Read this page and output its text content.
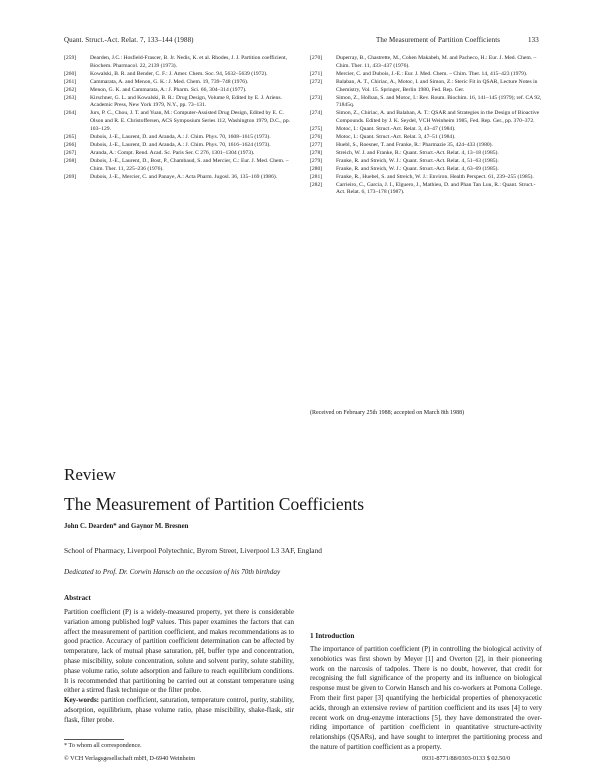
Quant. Struct.-Act. Relat. 7, 133–144 (1988)	The Measurement of Partition Coefficients	133
[259]	Dearden, J.C.: Hosfield-Frascer, B. Jr. Nedis, K. et al. Rhodes, J. J. Partition coefficient, Biochem. Pharmacol. 22, 2139 (1973).
[260]	Kowalski, B. R. and Bender, C. F.: J. Amer. Chem. Soc. 94, 5632–5639 (1972).
[261]	Cammarata, A. and Menon, G. K.: J. Med. Chem. 19, 739–748 (1976).
[262]	Menon, G. K. and Cammarata, A.: J. Pharm. Sci. 66, 304–314 (1977).
[263]	Kirschner, G. L. and Kowalski, B. R.: Drug Design, Volume 8, Edited by E. J. Ariens. Academic Press, New York 1979, N.Y., pp. 73–131.
[264]	Jurs, P. C., Chou, J. T. and Yuan, M.: Computer-Assisted Drug Design, Edited by E. C. Olson and R. E. Christoffersen, ACS Symposium Series 112, Washington 1979, D.C., pp. 103–129.
[265]	Dubois, J.-E., Laurent, D. and Aranda, A.: J. Chim. Phys. 70, 1608–1615 (1973).
[266]	Dubois, J.-E., Laurent, D. and Aranda, A.: J. Chim. Phys. 70, 1616–1624 (1973).
[267]	Aranda, A.: Compt. Rend. Acad. Sc. Paris Ser. C 276, 1301–1304 (1973).
[268]	Dubois, J.-E., Laurent, D., Bost, P., Chambaud, S. and Mercier, C.: Eur. J. Med. Chem. – Chim. Ther. 11, 225–236 (1976).
[269]	Dubois, J.-E., Mercier, C. and Panaye, A.: Acta Pharm. Jugosl. 36, 135–169 (1986).
[270]	Duperray, B., Chastrette, M., Cohen Makabeh, M. and Pacheco, H.: Eur. J. Med. Chem. – Chim. Ther. 11, 433–437 (1976).
[271]	Mercier, C. and Dubois, J.-E.: Eur. J. Med. Chem. – Chim. Ther. 14, 415–423 (1979).
[272]	Balaban, A. T., Chiriac, A., Motoc, I. and Simon, Z.: Steric Fit in QSAR, Lecture Notes in Chemistry, Vol. 15. Springer, Berlin 1980, Fed. Rep. Ger.
[273]	Simon, Z., Holban, S. and Motoc, I.: Rev. Roum. Biochim. 16, 141–145 (1979); ref. CA 92, 71845q.
[274]	Simon, Z., Chiriac, A. and Balaban, A. T.: QSAR and Strategies in the Design of Bioactive Compounds. Edited by J. K. Seydel, VCH Weinheim 1985, Fed. Rep. Ger., pp. 370–372.
[275]	Motoc, I.: Quant. Struct.-Act. Relat. 3, 43–47 (1984).
[276]	Motoc, I.: Quant. Struct.-Act. Relat. 3, 47–51 (1984).
[277]	Huebl, S., Roesner, T. and Franke, R.: Pharmazie 35, 424–433 (1980).
[278]	Streich, W. J. and Franke, R.: Quant. Struct.-Act. Relat. 4, 13–18 (1985).
[279]	Franke, R. and Streich, W. J.: Quant. Struct.-Act. Relat. 4, 51–63 (1985).
[280]	Franke, R. and Streich, W. J.: Quant. Struct.-Act. Relat. 4, 63–69 (1985).
[281]	Franke, R., Huebel, S. and Streich, W. J.: Environ. Health Perspect. 61, 239–255 (1985).
[282]	Carrieiro, C., Garcia, J. I., Elguero, J., Mathieu, D. and Phan Tan Luu, R.: Quant. Struct.-Act. Relat. 6, 173–178 (1987).
(Received on February 25th 1988; accepted on March 8th 1988)
Review
The Measurement of Partition Coefficients
John C. Dearden* and Gaynor M. Bresnen
School of Pharmacy, Liverpool Polytechnic, Byrom Street, Liverpool L3 3AF, England
Dedicated to Prof. Dr. Corwin Hansch on the occasion of his 70th birthday
Abstract
Partition coefficient (P) is a widely-measured property, yet there is considerable variation among published logP values. This paper examines the factors that can affect the measurement of partition coefficient, and makes recommendations as to good practice. Accuracy of partition coefficient determination can be affected by temperature, lack of mutual phase saturation, pH, buffer type and concentration, phase miscibility, solute concentration, solute and solvent purity, solute stability, phase volume ratio, solute adsorption and failure to reach equilibrium conditions. It is recommended that partitioning be carried out at constant temperature using either a stirred flask technique or the filter probe.
Key-words: partition coefficient, saturation, temperature control, purity, stability, adsorption, equilibrium, phase volume ratio, phase miscibility, shake-flask, stir flask, filter probe.
1 Introduction
The importance of partition coefficient (P) in controlling the biological activity of xenobiotics was first shown by Meyer [1] and Overton [2], in their pioneering work on the narcosis of tadpoles. There is no doubt, however, that credit for recognising the full significance of the property and its influence on biological response must be given to Corwin Hansch and his co-workers at Pomona College. From their first paper [3] quantifying the herbicidal properties of phenoxyacetic acids, through an extensive review of partition coefficient and its uses [4] to very recent work on drug-enzyme interactions [5], they have demonstrated the over-riding importance of partition coefficient in quantitative structure-activity relationships (QSARs), and have sought to interpret the partitioning process and the nature of partition coefficient as a property.
* To whom all correspondence.
© VCH Verlagsgesellschaft mbH, D-6940 Weinheim	0931-8771/88/0303-0133 $ 02.50/0
